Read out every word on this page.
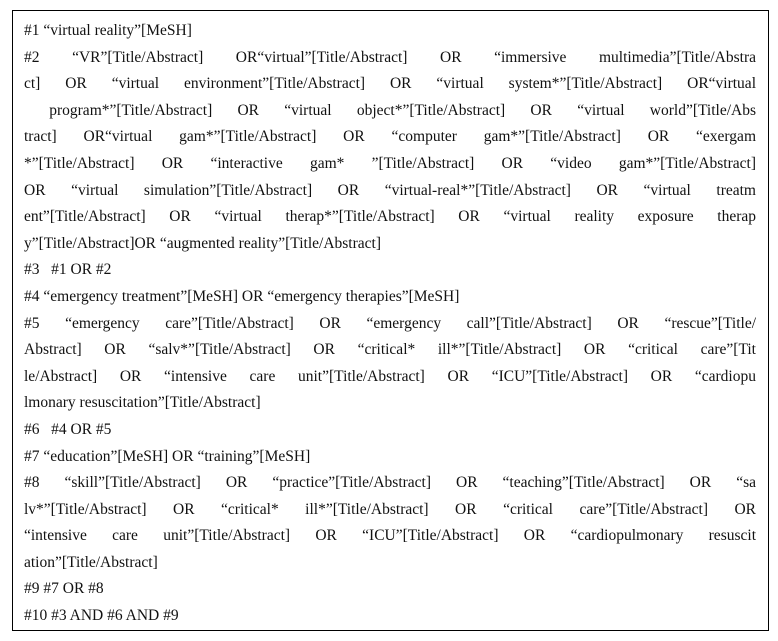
#1 “virtual reality”[MeSH]
#2 “VR”[Title/Abstract] OR“virtual”[Title/Abstract] OR “immersive multimedia”[Title/Abstra
ct] OR “virtual environment”[Title/Abstract] OR “virtual system*”[Title/Abstract] OR“virtual
program*”[Title/Abstract] OR “virtual object*”[Title/Abstract] OR “virtual world”[Title/Abs
tract] OR“virtual gam*”[Title/Abstract] OR “computer gam*”[Title/Abstract] OR “exergam
*”[Title/Abstract] OR “interactive gam* ”[Title/Abstract] OR “video gam*”[Title/Abstract]
OR “virtual simulation”[Title/Abstract] OR “virtual-real*”[Title/Abstract] OR “virtual treatm
ent”[Title/Abstract] OR “virtual therap*”[Title/Abstract] OR “virtual reality exposure therap
y”[Title/Abstract]OR “augmented reality”[Title/Abstract]
#3   #1 OR #2
#4 “emergency treatment”[MeSH] OR “emergency therapies”[MeSH]
#5 “emergency care”[Title/Abstract] OR “emergency call”[Title/Abstract] OR “rescue”[Title/
Abstract] OR “salv*”[Title/Abstract] OR “critical* ill*”[Title/Abstract] OR “critical care”[Tit
le/Abstract] OR “intensive care unit”[Title/Abstract] OR “ICU”[Title/Abstract] OR “cardiopu
lmonary resuscitation”[Title/Abstract]
#6   #4 OR #5
#7 “education”[MeSH] OR “training”[MeSH]
#8 “skill”[Title/Abstract] OR “practice”[Title/Abstract] OR “teaching”[Title/Abstract] OR “sa
lv*”[Title/Abstract] OR “critical* ill*”[Title/Abstract] OR “critical care”[Title/Abstract] OR
“intensive care unit”[Title/Abstract] OR “ICU”[Title/Abstract] OR “cardiopulmonary resuscit
ation”[Title/Abstract]
#9 #7 OR #8
#10 #3 AND #6 AND #9
